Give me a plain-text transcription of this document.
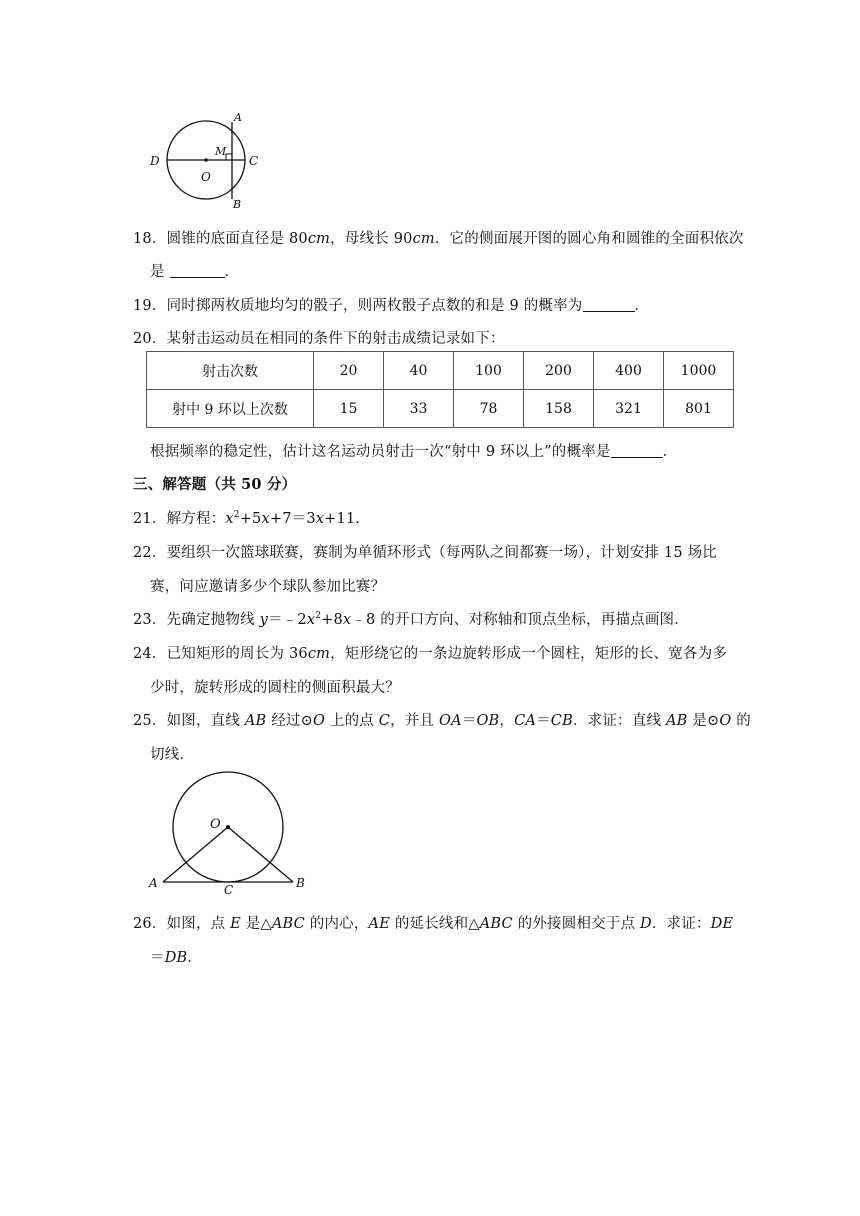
A
B
C
D
M
O
18．圆锥的底面直径是 80cm，母线长 90cm．它的侧面展开图的圆心角和圆锥的全面积依次
是	．
19．同时掷两枚质地均匀的骰子，则两枚骰子点数的和是 9 的概率为	．
20．某射击运动员在相同的条件下的射击成绩记录如下：
射击次数	20	40	100	200	400	1000
射中 9 环以上次数	15	33	78	158	321	801
根据频率的稳定性，估计这名运动员射击一次“射中 9 环以上”的概率是	．
三、解答题（共 50 分）
21．解方程：$x^2+5x+7=3x+11$．
22．要组织一次篮球联赛，赛制为单循环形式（每两队之间都赛一场），计划安排 15 场比
赛，问应邀请多少个球队参加比赛？
23．先确定抛物线 $y=﹣2x^2+8x﹣8$ 的开口方向、对称轴和顶点坐标，再描点画图．
24．已知矩形的周长为 36cm，矩形绕它的一条边旋转形成一个圆柱，矩形的长、宽各为多
少时，旋转形成的圆柱的侧面积最大？
25．如图，直线 AB 经过⊙O 上的点 C，并且 OA＝OB，CA＝CB．求证：直线 AB 是⊙O 的
切线．
O
A	B
C
26．如图，点 E 是△ABC 的内心，AE 的延长线和△ABC 的外接圆相交于点 D．求证：DE
＝DB．
